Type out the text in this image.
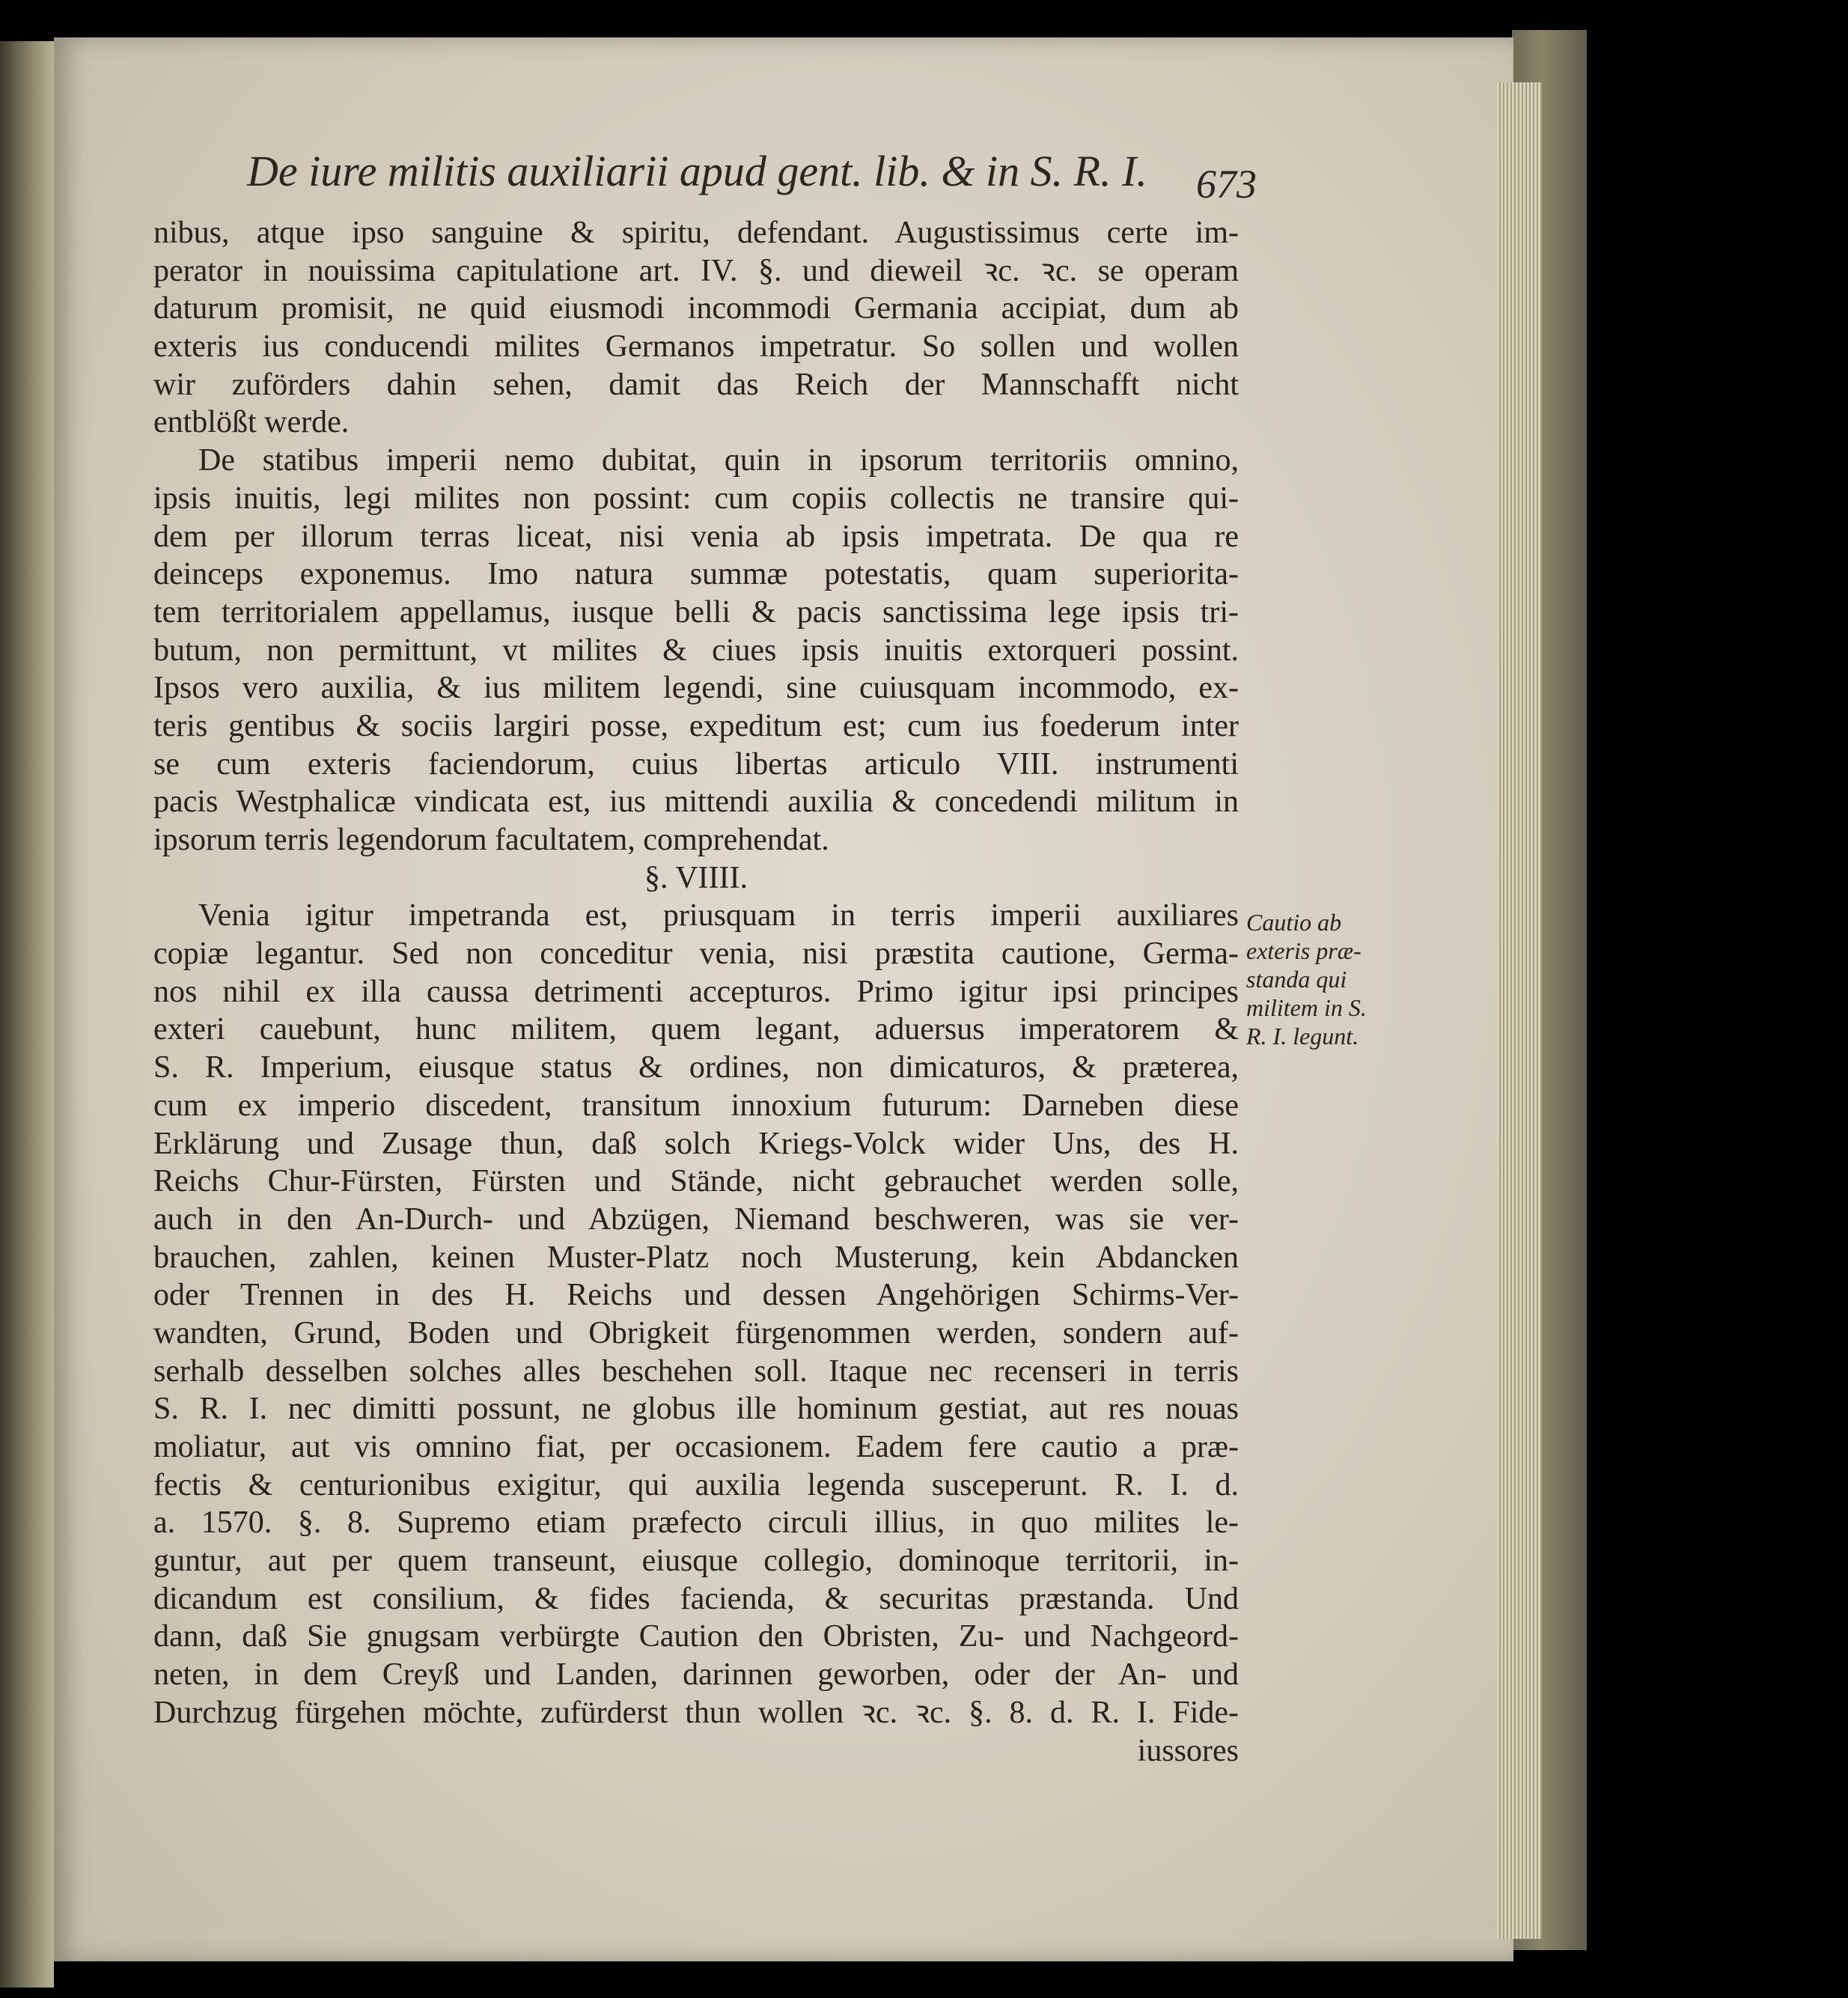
De iure militis auxiliarii apud gent. lib. & in S. R. I.	673
nibus, atque ipso sanguine & spiritu, defendant. Augustissimus certe im-
perator in nouissima capitulatione art. IV. §. und dieweil ꝛc. ꝛc. se operam
daturum promisit, ne quid eiusmodi incommodi Germania accipiat, dum ab
exteris ius conducendi milites Germanos impetratur. So sollen und wollen
wir zuförders dahin sehen, damit das Reich der Mannschafft nicht
entblößt werde.
De statibus imperii nemo dubitat, quin in ipsorum territoriis omnino,
ipsis inuitis, legi milites non possint: cum copiis collectis ne transire qui-
dem per illorum terras liceat, nisi venia ab ipsis impetrata. De qua re
deinceps exponemus. Imo natura summæ potestatis, quam superiorita-
tem territorialem appellamus, iusque belli & pacis sanctissima lege ipsis tri-
butum, non permittunt, vt milites & ciues ipsis inuitis extorqueri possint.
Ipsos vero auxilia, & ius militem legendi, sine cuiusquam incommodo, ex-
teris gentibus & sociis largiri posse, expeditum est; cum ius foederum inter
se cum exteris faciendorum, cuius libertas articulo VIII. instrumenti
pacis Westphalicæ vindicata est, ius mittendi auxilia & concedendi militum in
ipsorum terris legendorum facultatem, comprehendat.
§. VIIII.
Venia igitur impetranda est, priusquam in terris imperii auxiliares
copiæ legantur. Sed non conceditur venia, nisi præstita cautione, Germa-
nos nihil ex illa caussa detrimenti accepturos. Primo igitur ipsi principes
exteri cauebunt, hunc militem, quem legant, aduersus imperatorem &
S. R. Imperium, eiusque status & ordines, non dimicaturos, & præterea,
cum ex imperio discedent, transitum innoxium futurum: Darneben diese
Erklärung und Zusage thun, daß solch Kriegs-Volck wider Uns, des H.
Reichs Chur-Fürsten, Fürsten und Stände, nicht gebrauchet werden solle,
auch in den An-Durch- und Abzügen, Niemand beschweren, was sie ver-
brauchen, zahlen, keinen Muster-Platz noch Musterung, kein Abdancken
oder Trennen in des H. Reichs und dessen Angehörigen Schirms-Ver-
wandten, Grund, Boden und Obrigkeit fürgenommen werden, sondern auf-
serhalb desselben solches alles beschehen soll. Itaque nec recenseri in terris
S. R. I. nec dimitti possunt, ne globus ille hominum gestiat, aut res nouas
moliatur, aut vis omnino fiat, per occasionem. Eadem fere cautio a præ-
fectis & centurionibus exigitur, qui auxilia legenda susceperunt. R. I. d.
a. 1570. §. 8. Supremo etiam præfecto circuli illius, in quo milites le-
guntur, aut per quem transeunt, eiusque collegio, dominoque territorii, in-
dicandum est consilium, & fides facienda, & securitas præstanda. Und
dann, daß Sie gnugsam verbürgte Caution den Obristen, Zu- und Nachgeord-
neten, in dem Creyß und Landen, darinnen geworben, oder der An- und
Durchzug fürgehen möchte, zufürderst thun wollen ꝛc. ꝛc. §. 8. d. R. I. Fide-
iussores
Cautio ab
exteris præ-
standa qui
militem in S.
R. I. legunt.
